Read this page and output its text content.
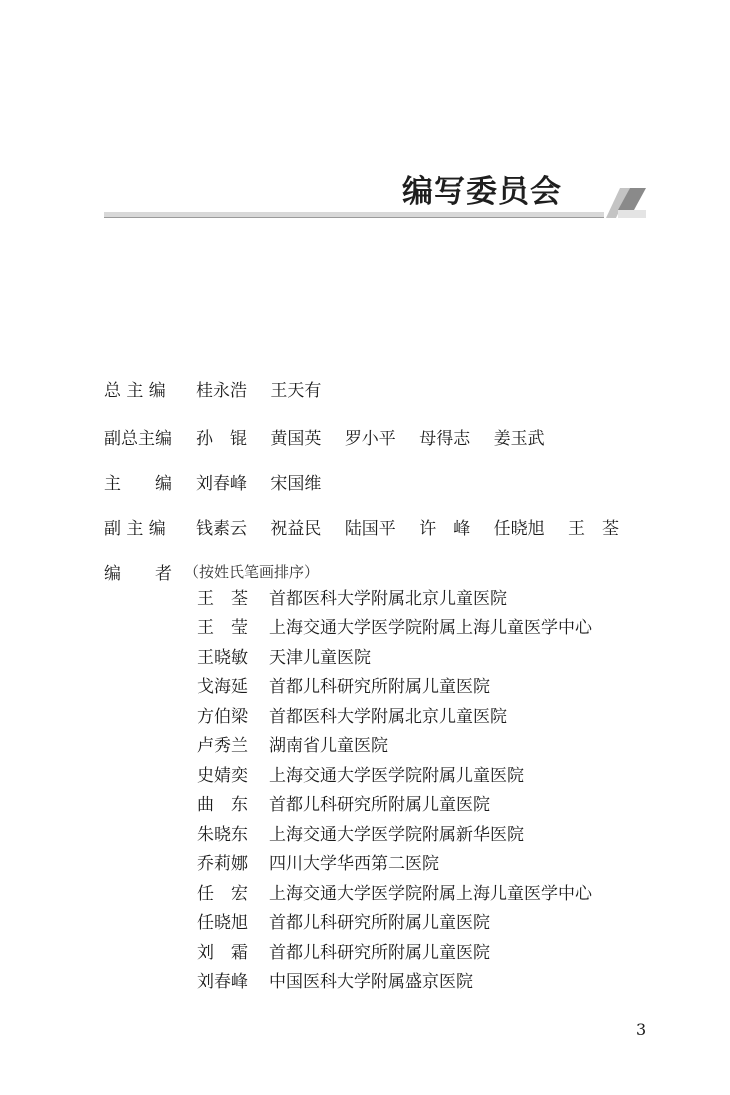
编写委员会
总 主 编	桂永浩 王天有
副总主编	孙　锟 黄国英 罗小平 母得志 姜玉武
主　　编	刘春峰 宋国维
副 主 编	钱素云 祝益民 陆国平 许　峰 任晓旭 王　荃
编　　者 （按姓氏笔画排序）
王　荃 首都医科大学附属北京儿童医院
王　莹 上海交通大学医学院附属上海儿童医学中心
王晓敏 天津儿童医院
戈海延 首都儿科研究所附属儿童医院
方伯梁 首都医科大学附属北京儿童医院
卢秀兰 湖南省儿童医院
史婧奕 上海交通大学医学院附属儿童医院
曲　东 首都儿科研究所附属儿童医院
朱晓东 上海交通大学医学院附属新华医院
乔莉娜 四川大学华西第二医院
任　宏 上海交通大学医学院附属上海儿童医学中心
任晓旭 首都儿科研究所附属儿童医院
刘　霜 首都儿科研究所附属儿童医院
刘春峰 中国医科大学附属盛京医院
3
